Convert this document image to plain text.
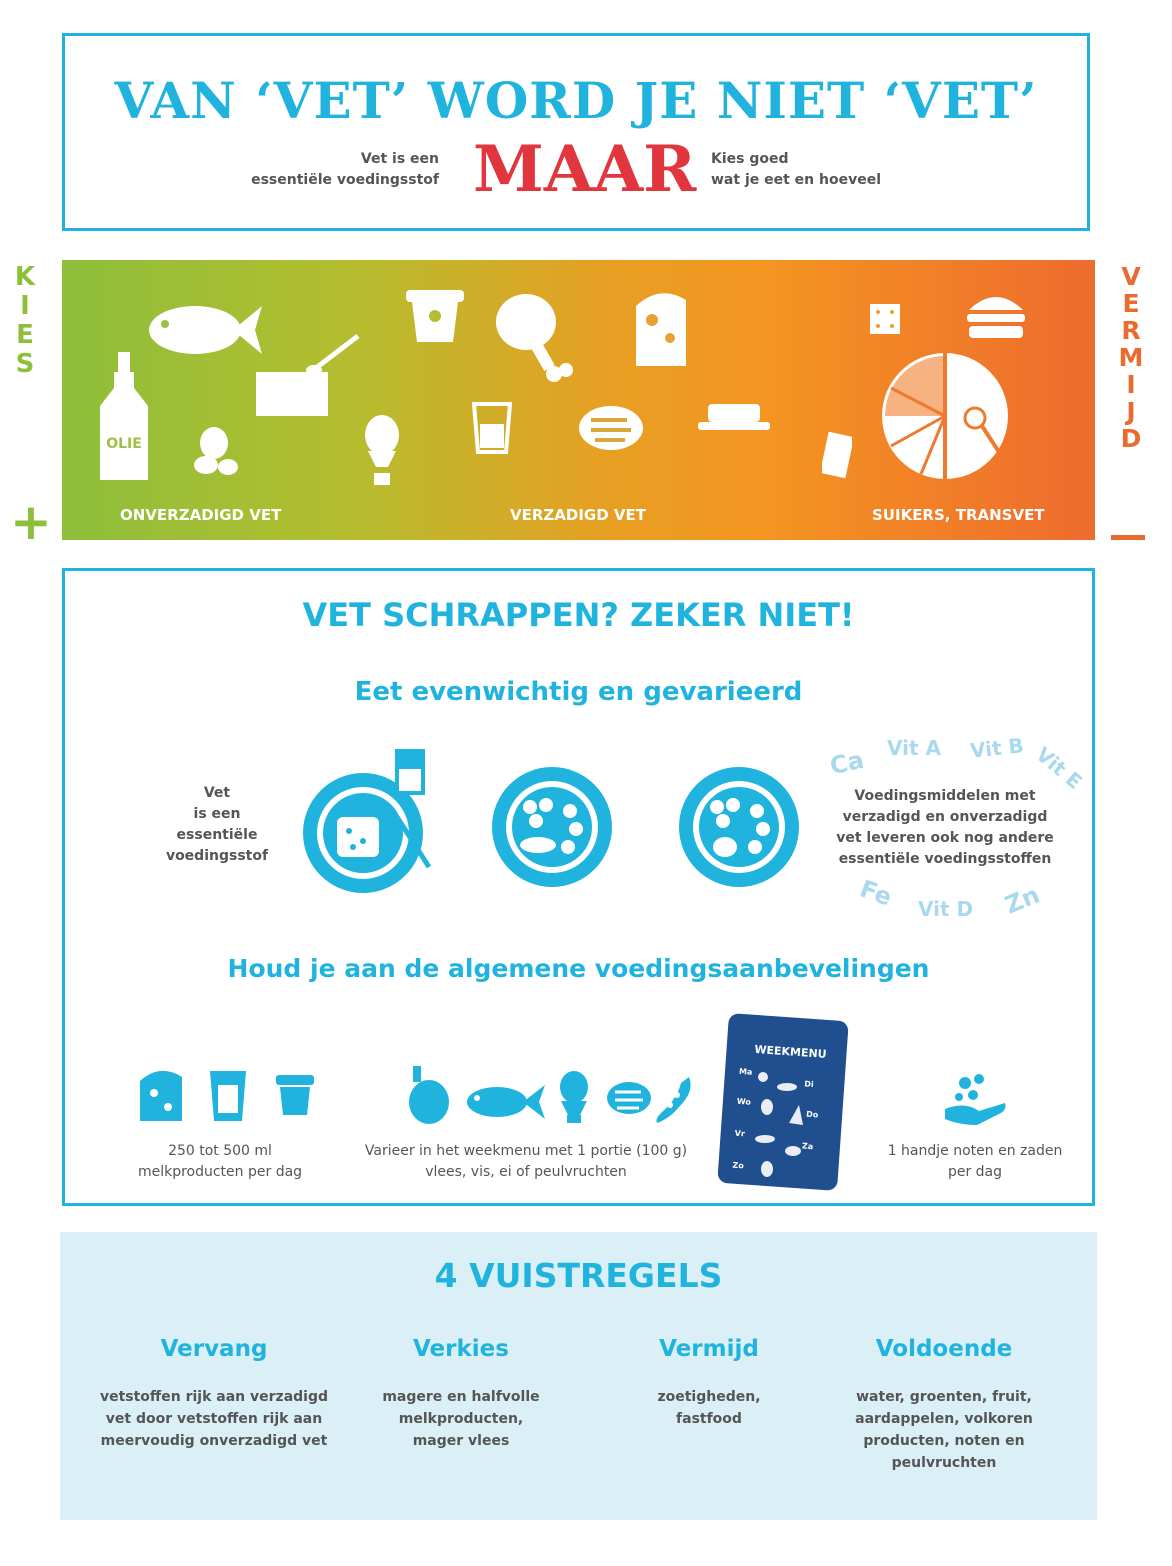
VAN ‘VET’ WORD JE NIET ‘VET’
Vet is een
essentiële voedingsstof MAAR Kies goed
wat je eet en hoeveel
K
I
E
S
+
V
E
R
M
I
J
D
OLIE
ONVERZADIGD VET	VERZADIGD VET	SUIKERS, TRANSVET
VET SCHRAPPEN? ZEKER NIET!
Eet evenwichtig en gevarieerd
Vet
is een
essentiële
voedingsstof
Voedingsmiddelen met
verzadigd en onverzadigd
vet leveren ook nog andere
essentiële voedingsstoffen
Ca Vit A Vit B Vit E
Fe Vit D Zn
Houd je aan de algemene voedingsaanbevelingen
WEEKMENU
Ma
Di
Wo
Do
Vr
Za
Zo
250 tot 500 ml
melkproducten per dag
Varieer in het weekmenu met 1 portie (100 g)
vlees, vis, ei of peulvruchten
1 handje noten en zaden
per dag
4 VUISTREGELS
Vervang
vetstoffen rijk aan verzadigd
vet door vetstoffen rijk aan
meervoudig onverzadigd vet
Verkies
magere en halfvolle
melkproducten,
mager vlees
Vermijd
zoetigheden,
fastfood
Voldoende
water, groenten, fruit,
aardappelen, volkoren
producten, noten en
peulvruchten
